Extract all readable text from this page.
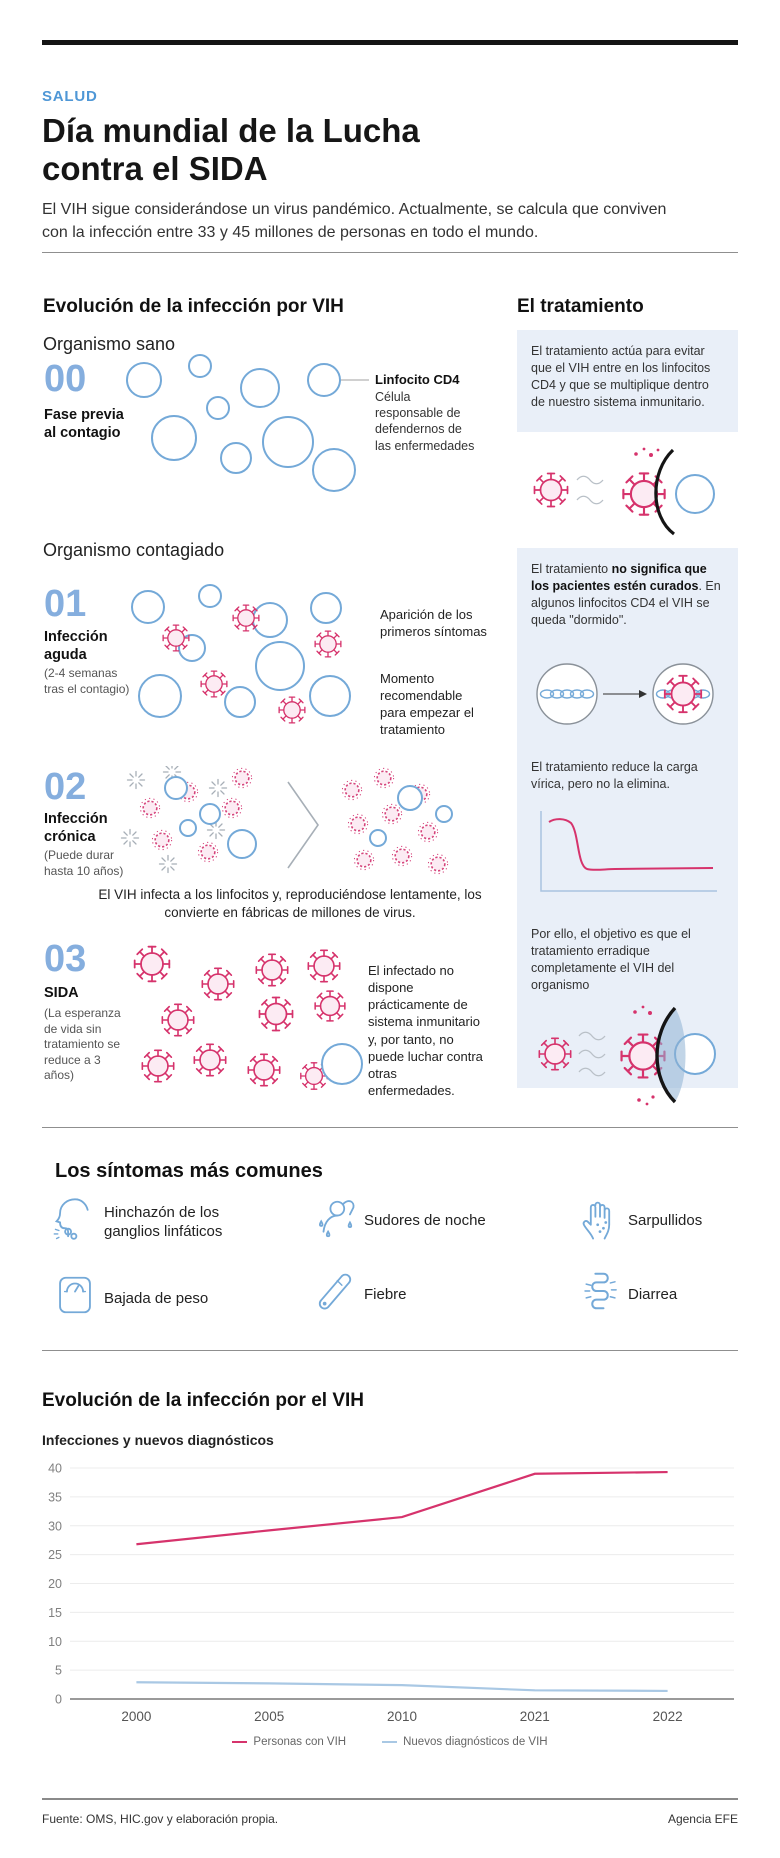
SALUD
Día mundial de la Lucha
contra el SIDA
El VIH sigue considerándose un virus pandémico. Actualmente, se calcula que conviven con la infección entre 33 y 45 millones de personas en todo el mundo.
Evolución de la infección por VIH
Organismo sano
00
Fase previa al contagio
Linfocito CD4
Célula responsable de defendernos de las enfermedades
Organismo contagiado
01
Infección aguda
(2-4 semanas tras el contagio)
Aparición de los primeros síntomas
Momento recomendable para empezar el tratamiento
02
Infección crónica
(Puede durar hasta 10 años)
El VIH infecta a los linfocitos y, reproduciéndose lentamente, los convierte en fábricas de millones de virus.
03
SIDA
(La esperanza de vida sin tratamiento se reduce a 3 años)
El infectado no dispone prácticamente de sistema inmunitario y, por tanto, no puede luchar contra otras enfermedades.
El tratamiento

El tratamiento actúa para evitar que el VIH entre en los linfocitos CD4 y que se multiplique dentro de nuestro sistema inmunitario.

El tratamiento no significa que los pacientes estén curados. En algunos linfocitos CD4 el VIH se queda "dormido".

El tratamiento reduce la carga vírica, pero no la elimina.

Por ello, el objetivo es que el tratamiento erradique completamente el VIH del organismo

Los síntomas más comunes
Hinchazón de los ganglios linfáticos
Sudores de noche	Sarpullidos
Bajada de peso	Fiebre	Diarrea
Evolución de la infección por el VIH
Infecciones y nuevos diagnósticos
0
5
10
15
20
25
30
35
40
2000	2005	2010	2021	2022
Personas con VIH	Nuevos diagnósticos de VIH
Fuente: OMS, HIC.gov y elaboración propia.	Agencia EFE
